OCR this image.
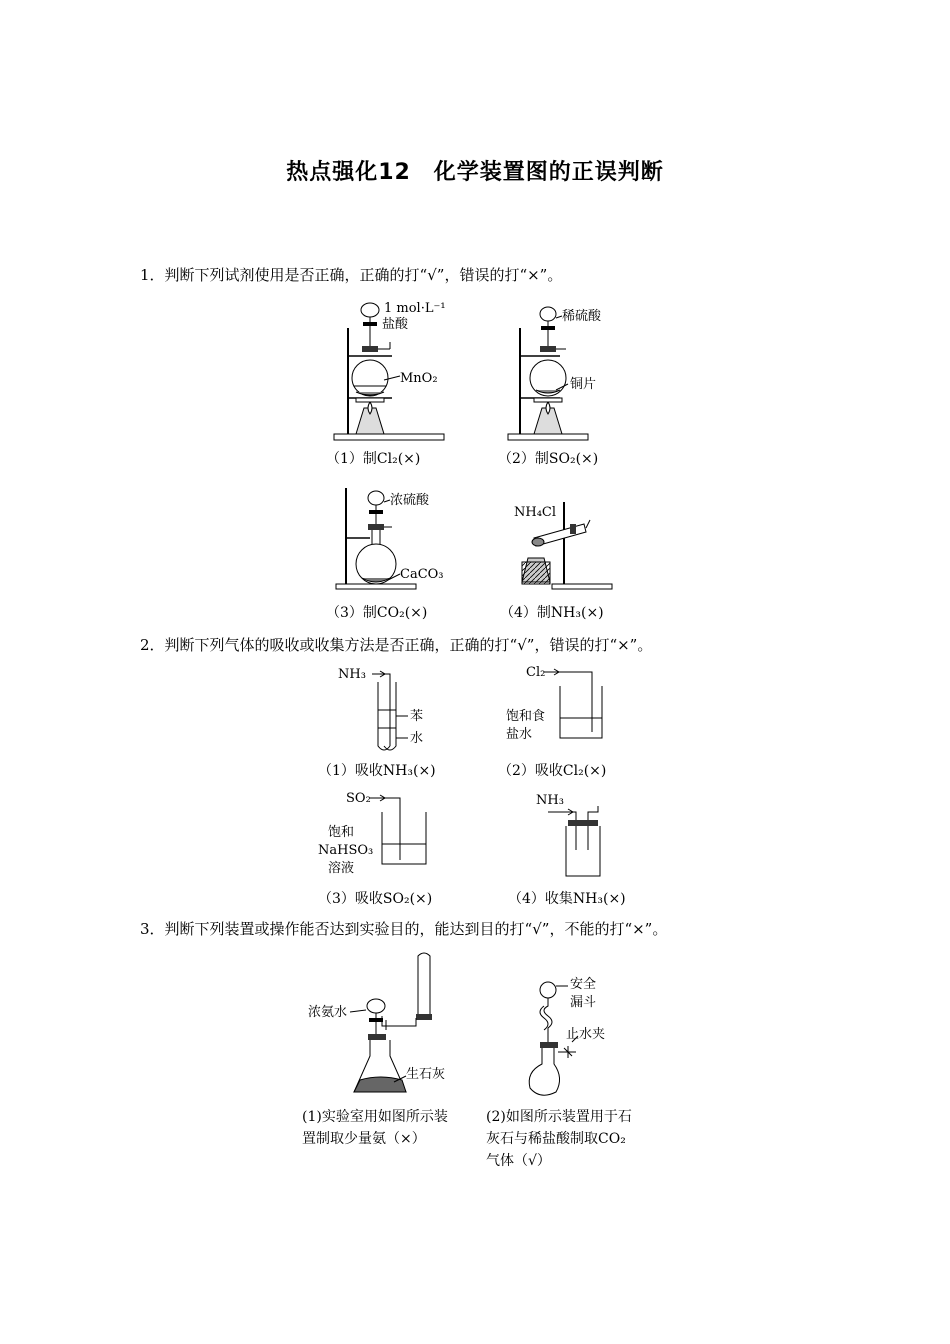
热点强化12　化学装置图的正误判断
1．判断下列试剂使用是否正确，正确的打“√”，错误的打“×”。
1 mol·L⁻¹
盐酸
MnO₂
（1）制Cl₂(×)
稀硫酸
铜片
（2）制SO₂(×)
浓硫酸
CaCO₃
（3）制CO₂(×)
NH₄Cl
（4）制NH₃(×)
2．判断下列气体的吸收或收集方法是否正确，正确的打“√”，错误的打“×”。
NH₃
苯
水
（1）吸收NH₃(×)
Cl₂
饱和食
盐水
（2）吸收Cl₂(×)
SO₂
饱和
NaHSO₃
溶液
（3）吸收SO₂(×)
NH₃
（4）收集NH₃(×)
3．判断下列装置或操作能否达到实验目的，能达到目的打“√”，不能的打“×”。
浓氨水
生石灰
(1)实验室用如图所示装
置制取少量氨（×）
安全
漏斗
止水夹
(2)如图所示装置用于石
灰石与稀盐酸制取CO₂
气体（√）
